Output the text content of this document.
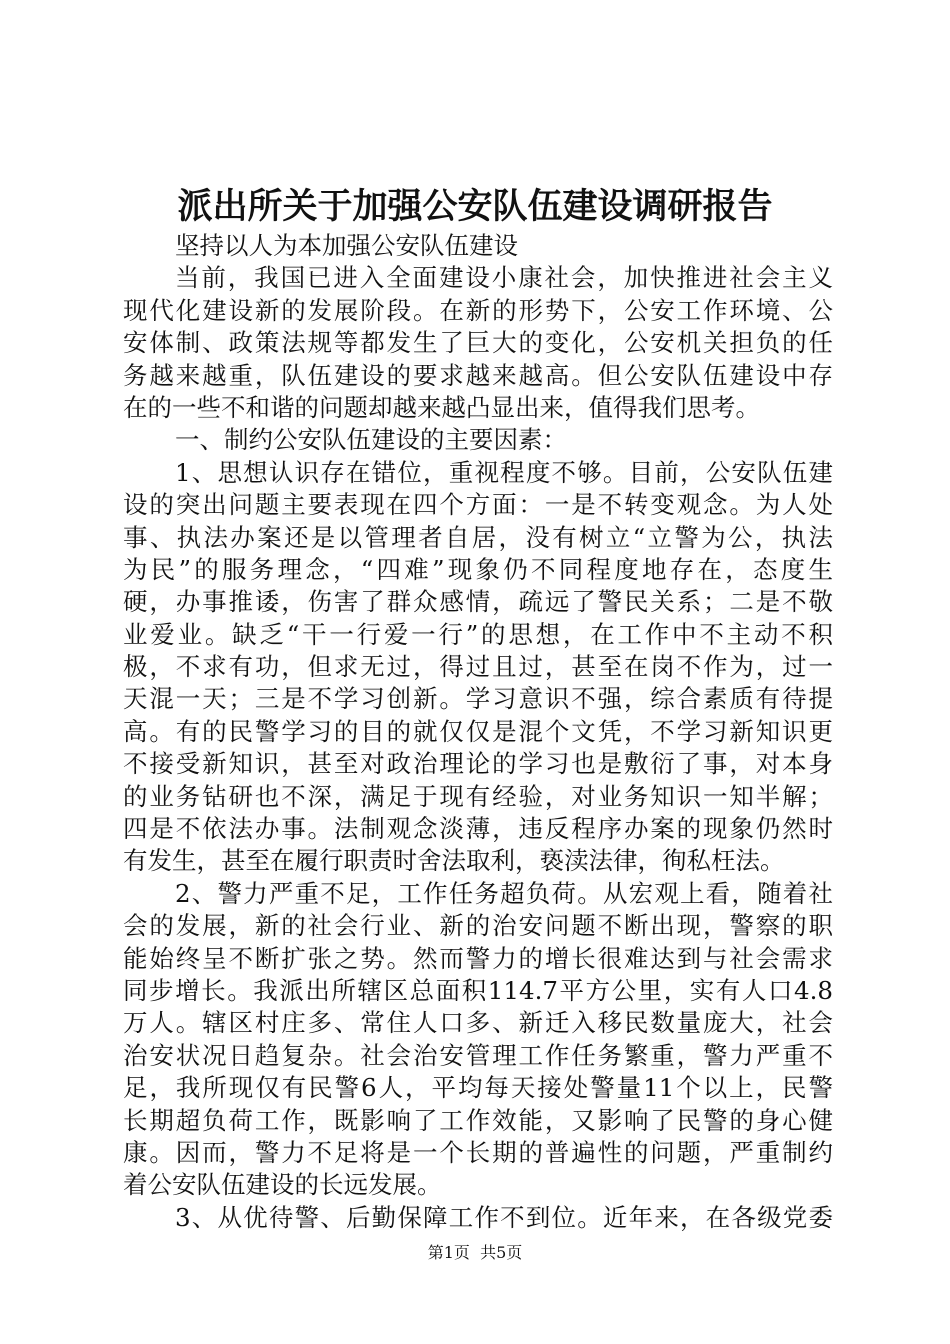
派出所关于加强公安队伍建设调研报告
坚持以人为本加强公安队伍建设
当前，我国已进入全面建设小康社会，加快推进社会主义
现代化建设新的发展阶段。在新的形势下，公安工作环境、公
安体制、政策法规等都发生了巨大的变化，公安机关担负的任
务越来越重，队伍建设的要求越来越高。但公安队伍建设中存
在的一些不和谐的问题却越来越凸显出来，值得我们思考。
一、制约公安队伍建设的主要因素：
1、思想认识存在错位，重视程度不够。目前，公安队伍建
设的突出问题主要表现在四个方面：一是不转变观念。为人处
事、执法办案还是以管理者自居，没有树立“立警为公，执法
为民”的服务理念，“四难”现象仍不同程度地存在，态度生
硬，办事推诿，伤害了群众感情，疏远了警民关系；二是不敬
业爱业。缺乏“干一行爱一行”的思想，在工作中不主动不积
极，不求有功，但求无过，得过且过，甚至在岗不作为，过一
天混一天；三是不学习创新。学习意识不强，综合素质有待提
高。有的民警学习的目的就仅仅是混个文凭，不学习新知识更
不接受新知识，甚至对政治理论的学习也是敷衍了事，对本身
的业务钻研也不深，满足于现有经验，对业务知识一知半解；
四是不依法办事。法制观念淡薄，违反程序办案的现象仍然时
有发生，甚至在履行职责时舍法取利，亵渎法律，徇私枉法。
2、警力严重不足，工作任务超负荷。从宏观上看，随着社
会的发展，新的社会行业、新的治安问题不断出现，警察的职
能始终呈不断扩张之势。然而警力的增长很难达到与社会需求
同步增长。我派出所辖区总面积114.7平方公里，实有人口4.8
万人。辖区村庄多、常住人口多、新迁入移民数量庞大，社会
治安状况日趋复杂。社会治安管理工作任务繁重，警力严重不
足，我所现仅有民警6人，平均每天接处警量11个以上，民警
长期超负荷工作，既影响了工作效能，又影响了民警的身心健
康。因而，警力不足将是一个长期的普遍性的问题，严重制约
着公安队伍建设的长远发展。
3、从优待警、后勤保障工作不到位。近年来，在各级党委
第1页  共5页
